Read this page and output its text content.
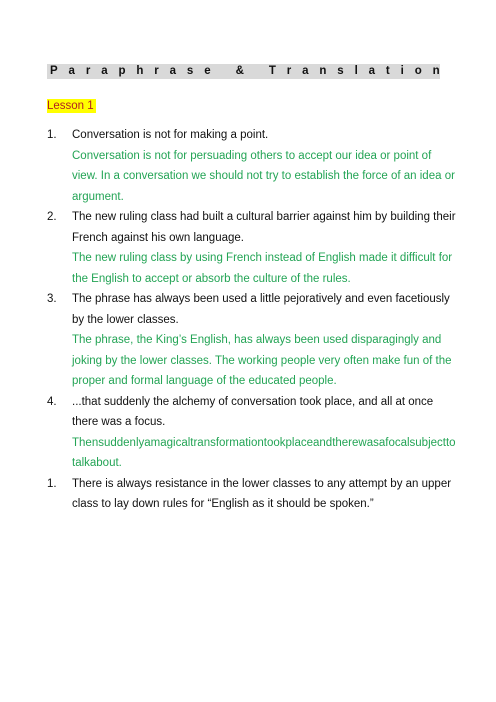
P a r a p h r a s e
&
T r a n s l a t i o n
Lesson 1
1.	Conversation is not for making a point.
Conversation is not for persuading others to accept our idea or point of view. In a conversation we should not try to establish the force of an idea or argument.
2.	The new ruling class had built a cultural barrier against him by building their French against his own language.
The new ruling class by using French instead of English made it difficult for the English to accept or absorb the culture of the rules.
3.	The phrase has always been used a little pejoratively and even facetiously by the lower classes.
The phrase, the King’s English, has always been used disparagingly and joking by the lower classes. The working people very often make fun of the proper and formal language of the educated people.
4.	...that suddenly the alchemy of conversation took place, and all at once there was a focus.
Thensuddenlyamagicaltransformationtookplaceandtherewasafocalsubjecttotalkabout.
1.	There is always resistance in the lower classes to any attempt by an upper class to lay down rules for “English as it should be spoken.”
